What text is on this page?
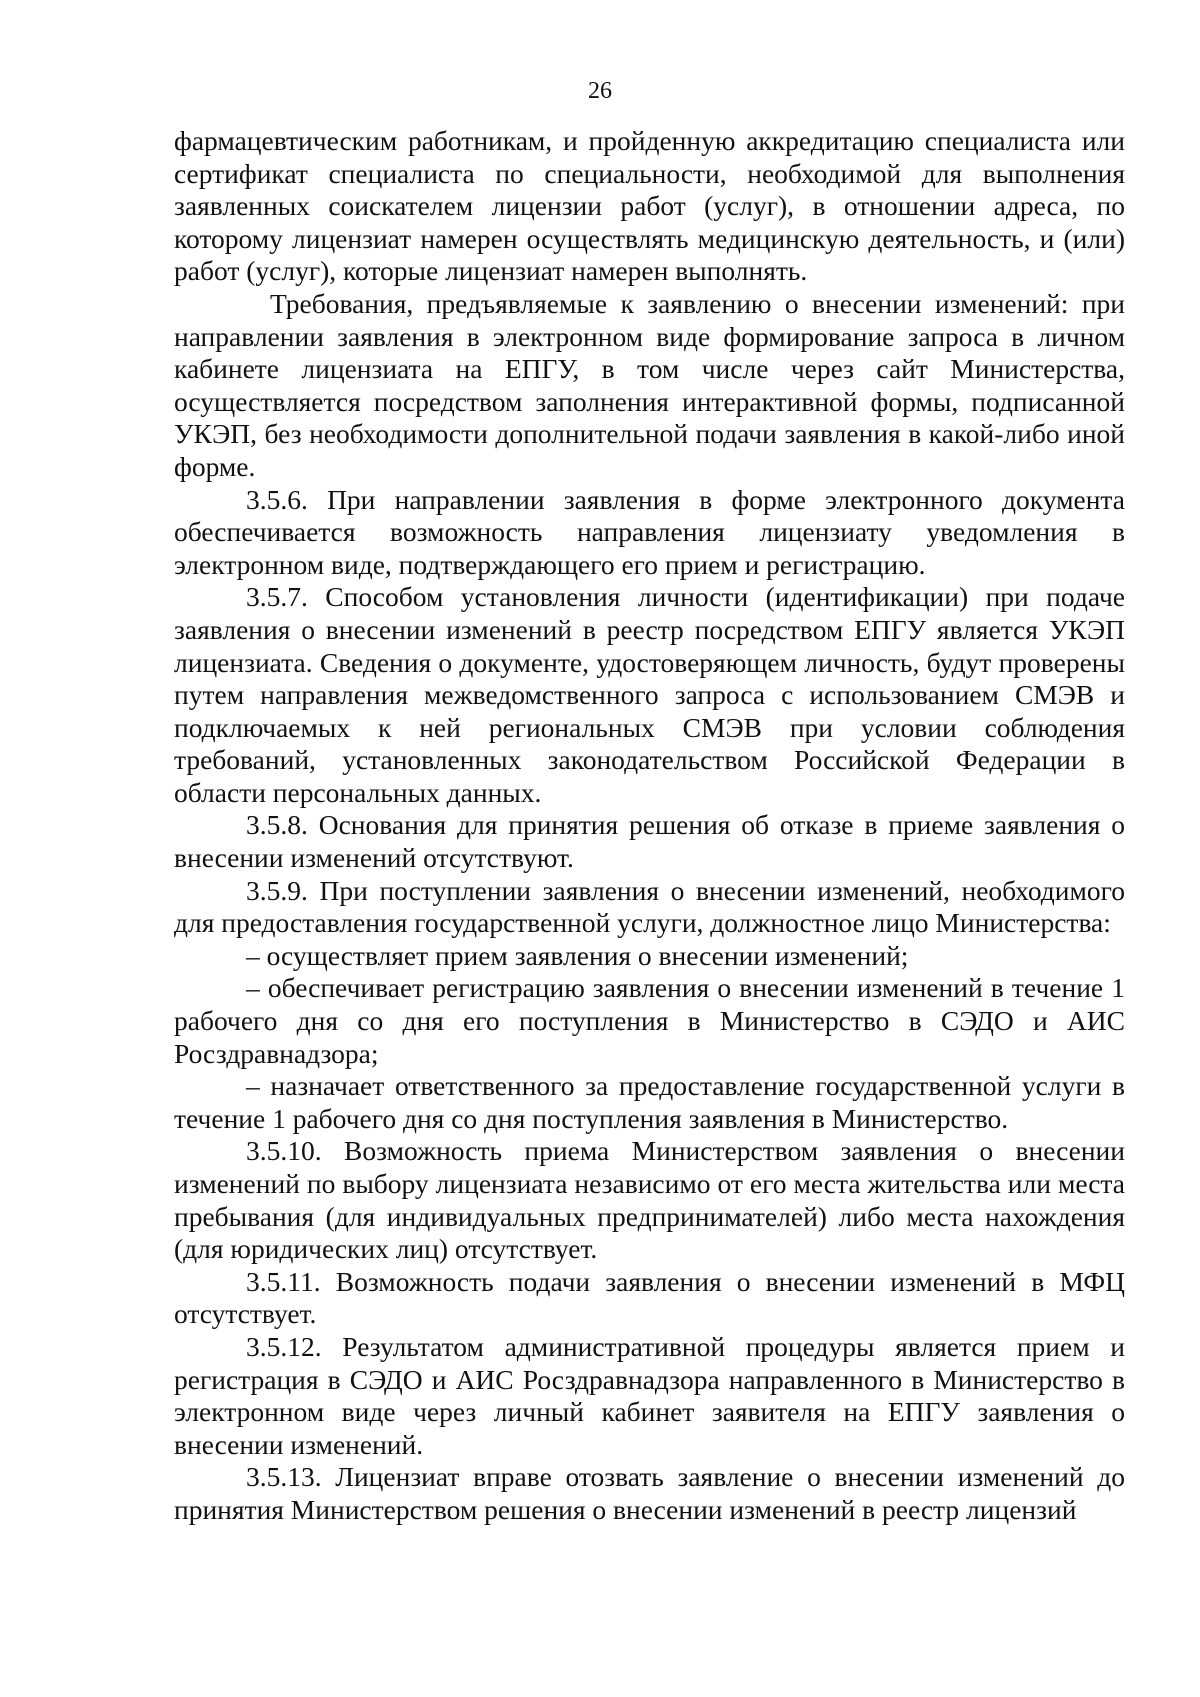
26

фармацевтическим работникам, и пройденную аккредитацию специалиста или сертификат специалиста по специальности, необходимой для выполнения заявленных соискателем лицензии работ (услуг), в отношении адреса, по которому лицензиат намерен осуществлять медицинскую деятельность, и (или) работ (услуг), которые лицензиат намерен выполнять.

Требования, предъявляемые к заявлению о внесении изменений: при направлении заявления в электронном виде формирование запроса в личном кабинете лицензиата на ЕПГУ, в том числе через сайт Министерства, осуществляется посредством заполнения интерактивной формы, подписанной УКЭП, без необходимости дополнительной подачи заявления в какой-либо иной форме.

3.5.6. При направлении заявления в форме электронного документа обеспечивается возможность направления лицензиату уведомления в электронном виде, подтверждающего его прием и регистрацию.

3.5.7. Способом установления личности (идентификации) при подаче заявления о внесении изменений в реестр посредством ЕПГУ является УКЭП лицензиата. Сведения о документе, удостоверяющем личность, будут проверены путем направления межведомственного запроса с использованием СМЭВ и подключаемых к ней региональных СМЭВ при условии соблюдения требований, установленных законодательством Российской Федерации в области персональных данных.

3.5.8. Основания для принятия решения об отказе в приеме заявления о внесении изменений отсутствуют.

3.5.9. При поступлении заявления о внесении изменений, необходимого для предоставления государственной услуги, должностное лицо Министерства:

– осуществляет прием заявления о внесении изменений;

– обеспечивает регистрацию заявления о внесении изменений в течение 1 рабочего дня со дня его поступления в Министерство в СЭДО и АИС Росздравнадзора;

– назначает ответственного за предоставление государственной услуги в течение 1 рабочего дня со дня поступления заявления в Министерство.

3.5.10. Возможность приема Министерством заявления о внесении изменений по выбору лицензиата независимо от его места жительства или места пребывания (для индивидуальных предпринимателей) либо места нахождения (для юридических лиц) отсутствует.

3.5.11. Возможность подачи заявления о внесении изменений в МФЦ отсутствует.

3.5.12. Результатом административной процедуры является прием и регистрация в СЭДО и АИС Росздравнадзора направленного в Министерство в электронном виде через личный кабинет заявителя на ЕПГУ заявления о внесении изменений.

3.5.13. Лицензиат вправе отозвать заявление о внесении изменений до принятия Министерством решения о внесении изменений в реестр лицензий
